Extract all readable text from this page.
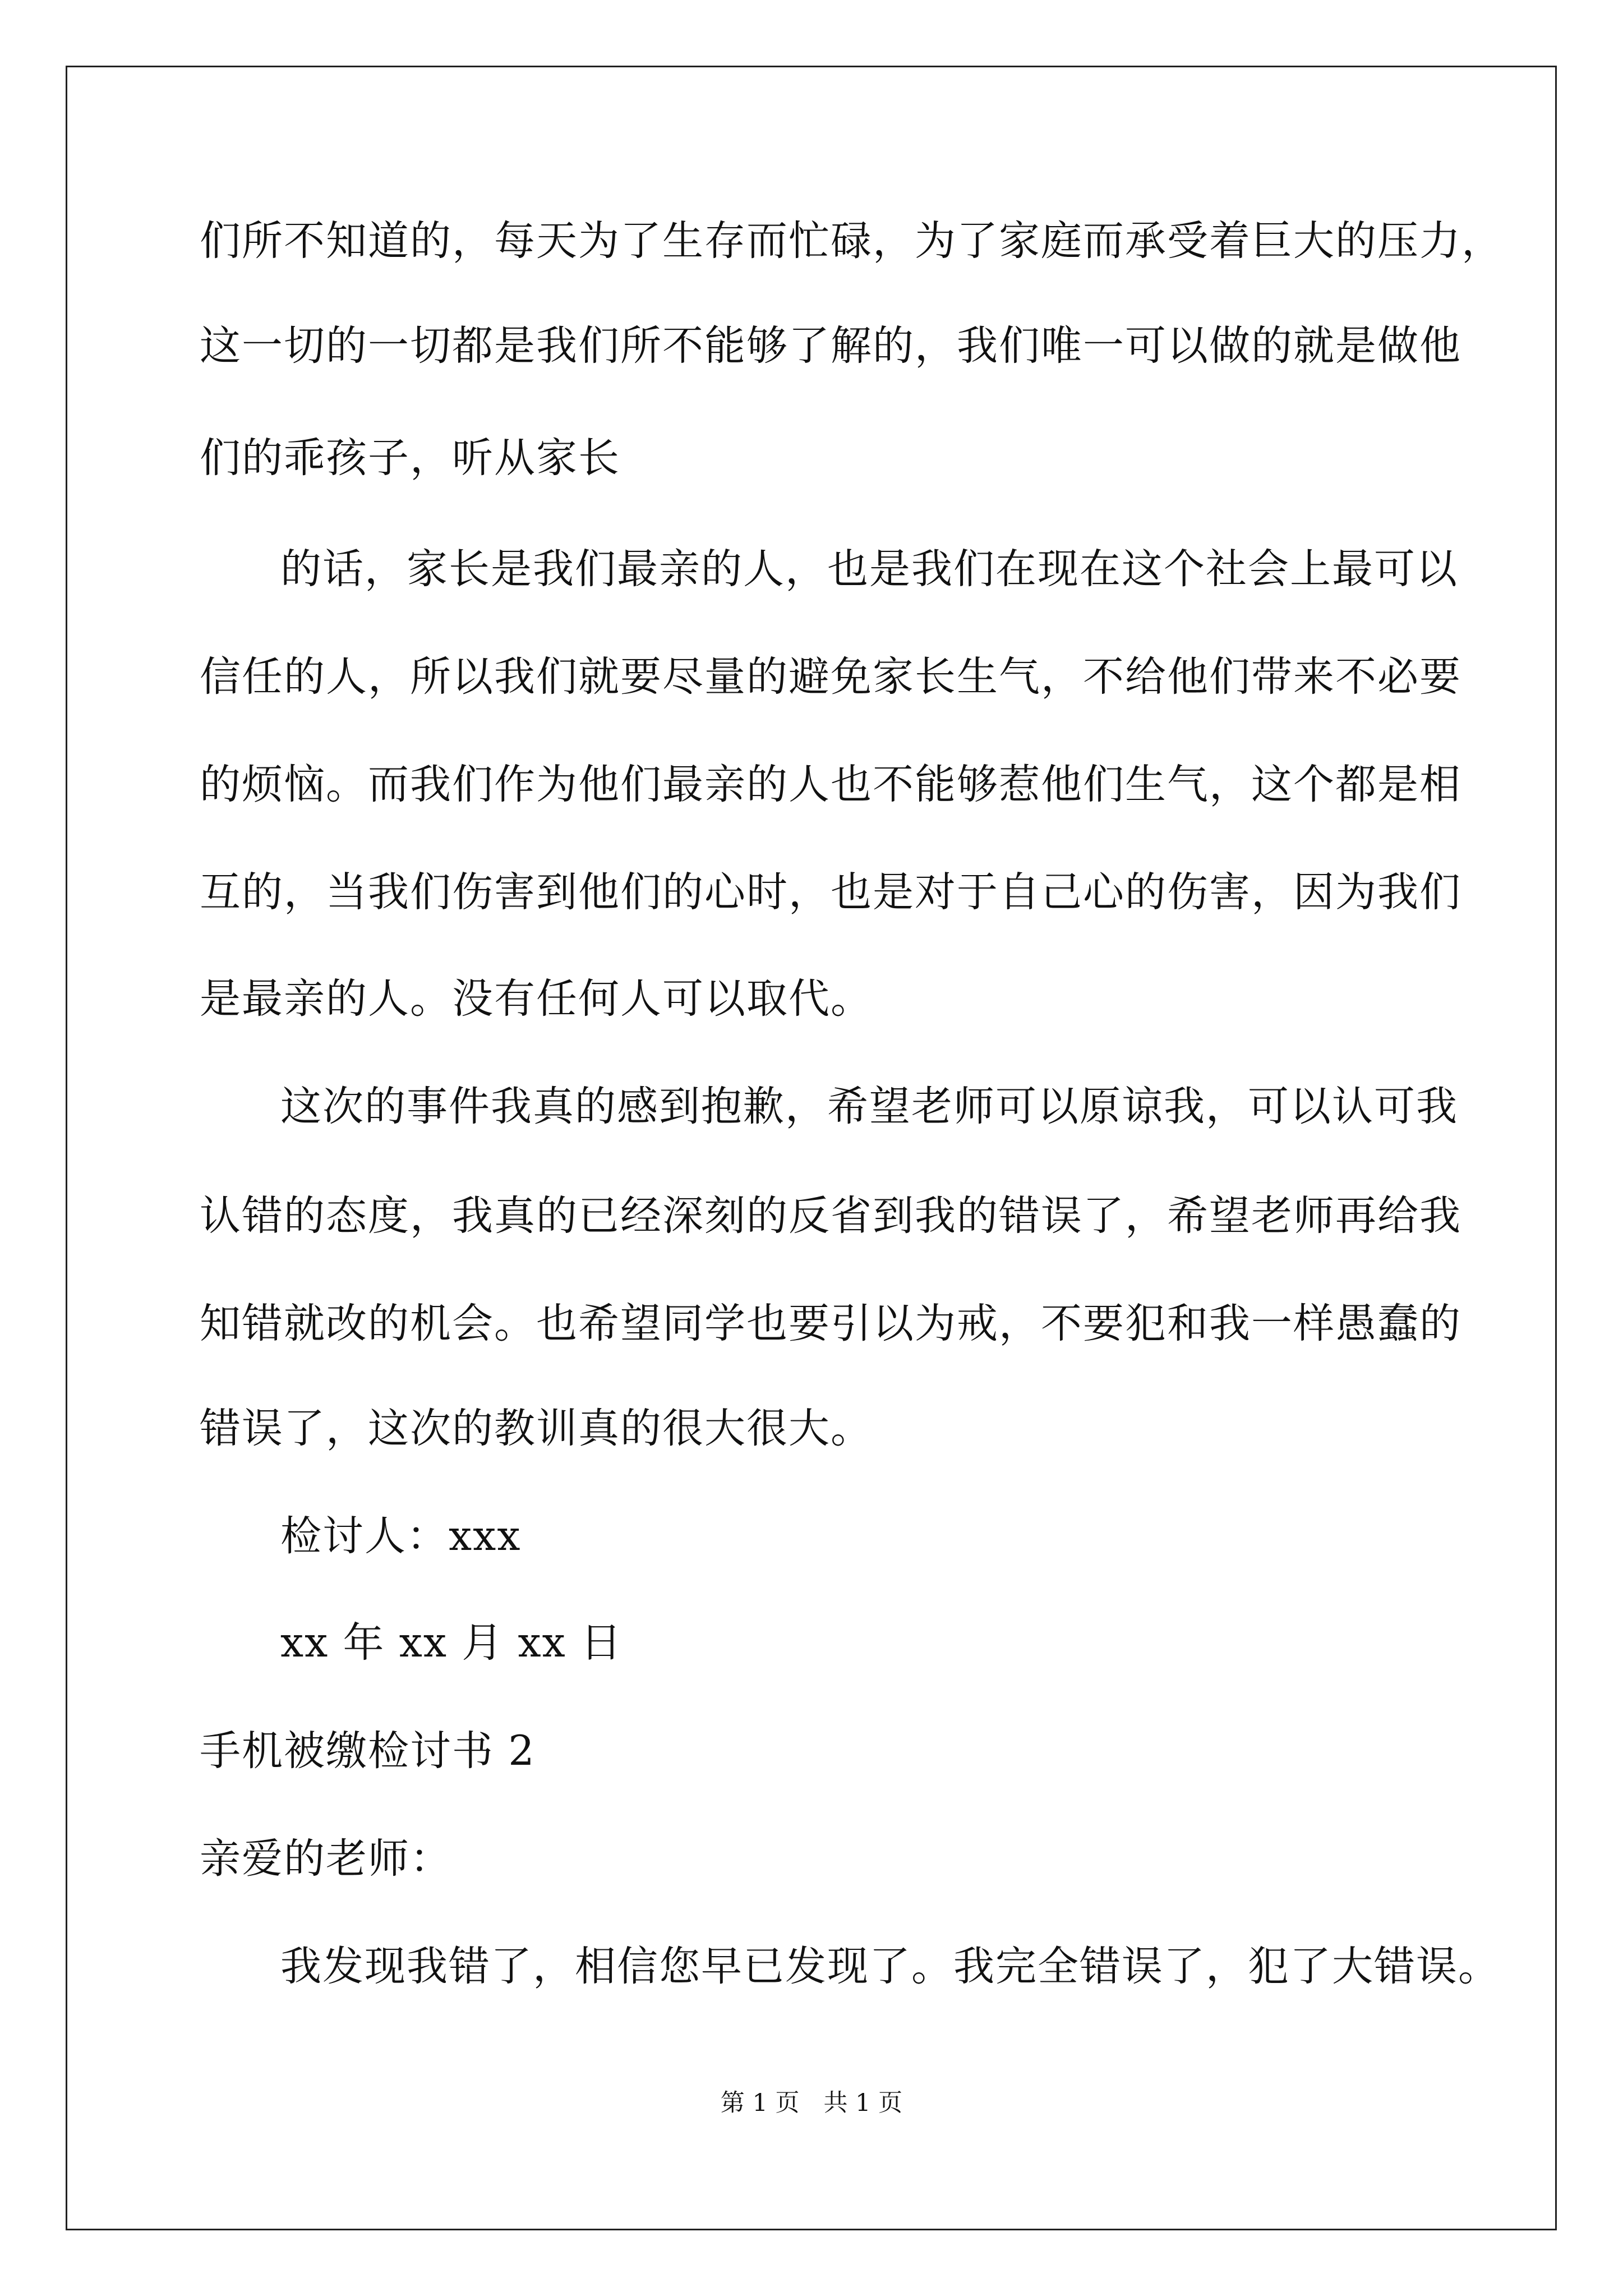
们所不知道的，每天为了生存而忙碌，为了家庭而承受着巨大的压力，
这一切的一切都是我们所不能够了解的，我们唯一可以做的就是做他
们的乖孩子，听从家长
的话，家长是我们最亲的人，也是我们在现在这个社会上最可以
信任的人，所以我们就要尽量的避免家长生气，不给他们带来不必要
的烦恼。而我们作为他们最亲的人也不能够惹他们生气，这个都是相
互的，当我们伤害到他们的心时，也是对于自己心的伤害，因为我们
是最亲的人。没有任何人可以取代。
这次的事件我真的感到抱歉，希望老师可以原谅我，可以认可我
认错的态度，我真的已经深刻的反省到我的错误了，希望老师再给我
知错就改的机会。也希望同学也要引以为戒，不要犯和我一样愚蠢的
错误了，这次的教训真的很大很大。
检讨人：xxx
xx 年 xx 月 xx 日
手机被缴检讨书 2
亲爱的老师：
我发现我错了，相信您早已发现了。我完全错误了，犯了大错误。
第 1 页　共 1 页
